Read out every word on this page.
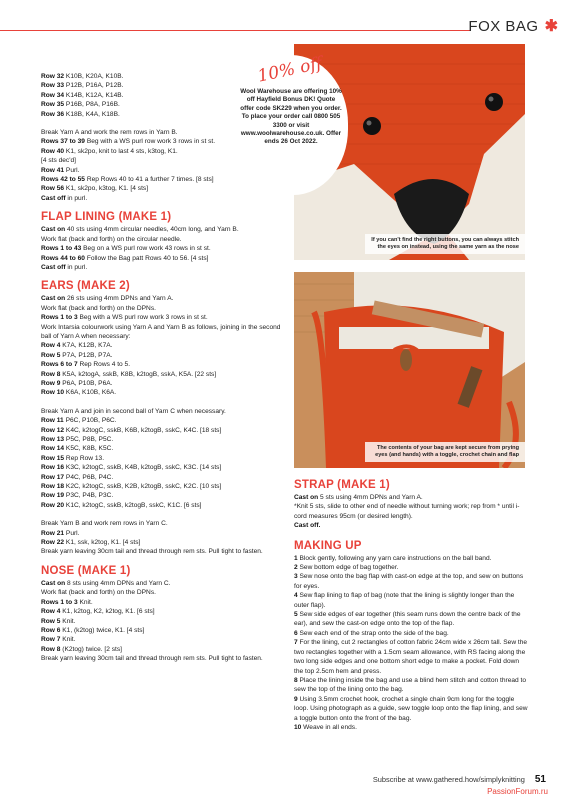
FOX BAG ✱

Row 32 K10B, K20A, K10B.

Row 33 P12B, P16A, P12B.

Row 34 K14B, K12A, K14B.

Row 35 P16B, P8A, P16B.

Row 36 K18B, K4A, K18B.

Break Yarn A and work the rem rows in Yarn B.

Rows 37 to 39 Beg with a WS purl row work 3 rows in st st.

Row 40 K1, sk2po, knit to last 4 sts, k3tog, K1.

[4 sts dec'd]

Row 41 Purl.

Rows 42 to 55 Rep Rows 40 to 41 a further 7 times. [8 sts]

Row 56 K1, sk2po, k3tog, K1. [4 sts]

Cast off in purl.

FLAP LINING (MAKE 1)

Cast on 40 sts using 4mm circular needles, 40cm long, and Yarn B.

Work flat (back and forth) on the circular needle.

Rows 1 to 43 Beg on a WS purl row work 43 rows in st st.

Rows 44 to 60 Follow the Bag patt Rows 40 to 56. [4 sts]

Cast off in purl.

EARS (MAKE 2)

Cast on 26 sts using 4mm DPNs and Yarn A.

Work flat (back and forth) on the DPNs.

Rows 1 to 3 Beg with a WS purl row work 3 rows in st st.

Work Intarsia colourwork using Yarn A and Yarn B as follows, joining in the second ball of Yarn A when necessary:

Row 4 K7A, K12B, K7A.

Row 5 P7A, P12B, P7A.

Rows 6 to 7 Rep Rows 4 to 5.

Row 8 K5A, k2togA, sskB, K8B, k2togB, sskA, K5A. [22 sts]

Row 9 P6A, P10B, P6A.

Row 10 K6A, K10B, K6A.

Break Yarn A and join in second ball of Yarn C when necessary.

Row 11 P6C, P10B, P6C.

Row 12 K4C, k2togC, sskB, K6B, k2togB, sskC, K4C. [18 sts]

Row 13 P5C, P8B, P5C.

Row 14 K5C, K8B, K5C.

Row 15 Rep Row 13.

Row 16 K3C, k2togC, sskB, K4B, k2togB, sskC, K3C. [14 sts]

Row 17 P4C, P6B, P4C.

Row 18 K2C, k2togC, sskB, K2B, k2togB, sskC, K2C. [10 sts]

Row 19 P3C, P4B, P3C.

Row 20 K1C, k2togC, sskB, k2togB, sskC, K1C. [6 sts]

Break Yarn B and work rem rows in Yarn C.

Row 21 Purl.

Row 22 K1, ssk, k2tog, K1. [4 sts]

Break yarn leaving 30cm tail and thread through rem sts. Pull tight to fasten.

NOSE (MAKE 1)

Cast on 8 sts using 4mm DPNs and Yarn C.

Work flat (back and forth) on the DPNs.

Rows 1 to 3 Knit.

Row 4 K1, k2tog, K2, k2tog, K1. [6 sts]

Row 5 Knit.

Row 6 K1, (k2tog) twice, K1. [4 sts]

Row 7 Knit.

Row 8 (K2tog) twice. [2 sts]

Break yarn leaving 30cm tail and thread through rem sts. Pull tight to fasten.

If you can't find the right buttons, you can always stitch the eyes on instead, using the same yarn as the nose
10% off
Wool Warehouse are offering 10% off Hayfield Bonus DK! Quote offer code SK229 when you order. To place your order call 0800 505 3300 or visit www.woolwarehouse.co.uk. Offer ends 26 Oct 2022.
The contents of your bag are kept secure from prying eyes (and hands) with a toggle, crochet chain and flap
STRAP (MAKE 1)

Cast on 5 sts using 4mm DPNs and Yarn A.

*Knit 5 sts, slide to other end of needle without turning work; rep from * until i-cord measures 95cm (or desired length).

Cast off.

MAKING UP

1 Block gently, following any yarn care instructions on the ball band.

2 Sew bottom edge of bag together.

3 Sew nose onto the bag flap with cast-on edge at the top, and sew on buttons for eyes.

4 Sew flap lining to flap of bag (note that the lining is slightly longer than the outer flap).

5 Sew side edges of ear together (this seam runs down the centre back of the ear), and sew the cast-on edge onto the top of the flap.

6 Sew each end of the strap onto the side of the bag.

7 For the lining, cut 2 rectangles of cotton fabric 24cm wide x 26cm tall. Sew the two rectangles together with a 1.5cm seam allowance, with RS facing along the two long side edges and one bottom short edge to make a pocket. Fold down the top 2.5cm hem and press.

8 Place the lining inside the bag and use a blind hem stitch and cotton thread to sew the top of the lining onto the bag.

9 Using 3.5mm crochet hook, crochet a single chain 9cm long for the toggle loop. Using photograph as a guide, sew toggle loop onto the flap lining, and sew a toggle button onto the front of the bag.

10 Weave in all ends.

Subscribe at www.gathered.how/simplyknitting 51
PassionForum.ru
